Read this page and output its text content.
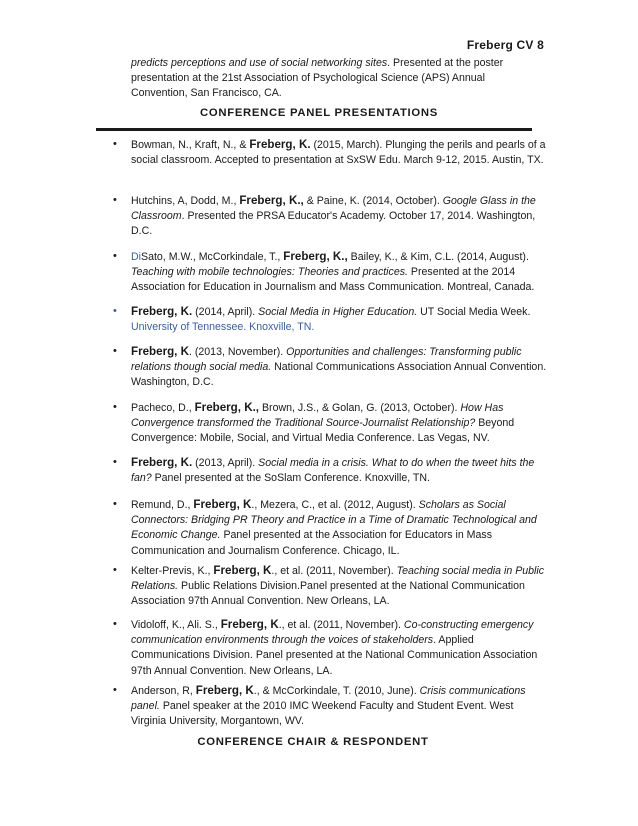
Freberg CV 8
predicts perceptions and use of social networking sites. Presented at the poster presentation at the 21st Association of Psychological Science (APS) Annual Convention, San Francisco, CA.
CONFERENCE PANEL PRESENTATIONS
• Bowman, N., Kraft, N., & Freberg, K. (2015, March). Plunging the perils and pearls of a social classroom. Accepted to presentation at SxSW Edu. March 9-12, 2015. Austin, TX.
• Hutchins, A, Dodd, M., Freberg, K., & Paine, K. (2014, October). Google Glass in the Classroom. Presented the PRSA Educator's Academy. October 17, 2014. Washington, D.C.
• DiSato, M.W., McCorkindale, T., Freberg, K., Bailey, K., & Kim, C.L. (2014, August). Teaching with mobile technologies: Theories and practices. Presented at the 2014 Association for Education in Journalism and Mass Communication. Montreal, Canada.
• Freberg, K. (2014, April). Social Media in Higher Education. UT Social Media Week. University of Tennessee. Knoxville, TN.
• Freberg, K. (2013, November). Opportunities and challenges: Transforming public relations though social media. National Communications Association Annual Convention. Washington, D.C.
• Pacheco, D., Freberg, K., Brown, J.S., & Golan, G. (2013, October). How Has Convergence transformed the Traditional Source-Journalist Relationship? Beyond Convergence: Mobile, Social, and Virtual Media Conference. Las Vegas, NV.
• Freberg, K. (2013, April). Social media in a crisis. What to do when the tweet hits the fan? Panel presented at the SoSlam Conference. Knoxville, TN.
• Remund, D., Freberg, K., Mezera, C., et al. (2012, August). Scholars as Social Connectors: Bridging PR Theory and Practice in a Time of Dramatic Technological and Economic Change. Panel presented at the Association for Educators in Mass Communication and Journalism Conference. Chicago, IL.
• Kelter-Previs, K., Freberg, K., et al. (2011, November). Teaching social media in Public Relations. Public Relations Division.Panel presented at the National Communication Association 97th Annual Convention. New Orleans, LA.
• Vidoloff, K., Ali. S., Freberg, K., et al. (2011, November). Co-constructing emergency communication environments through the voices of stakeholders. Applied Communications Division. Panel presented at the National Communication Association 97th Annual Convention. New Orleans, LA.
• Anderson, R, Freberg, K., & McCorkindale, T. (2010, June). Crisis communications panel. Panel speaker at the 2010 IMC Weekend Faculty and Student Event. West Virginia University, Morgantown, WV.
CONFERENCE CHAIR & RESPONDENT
